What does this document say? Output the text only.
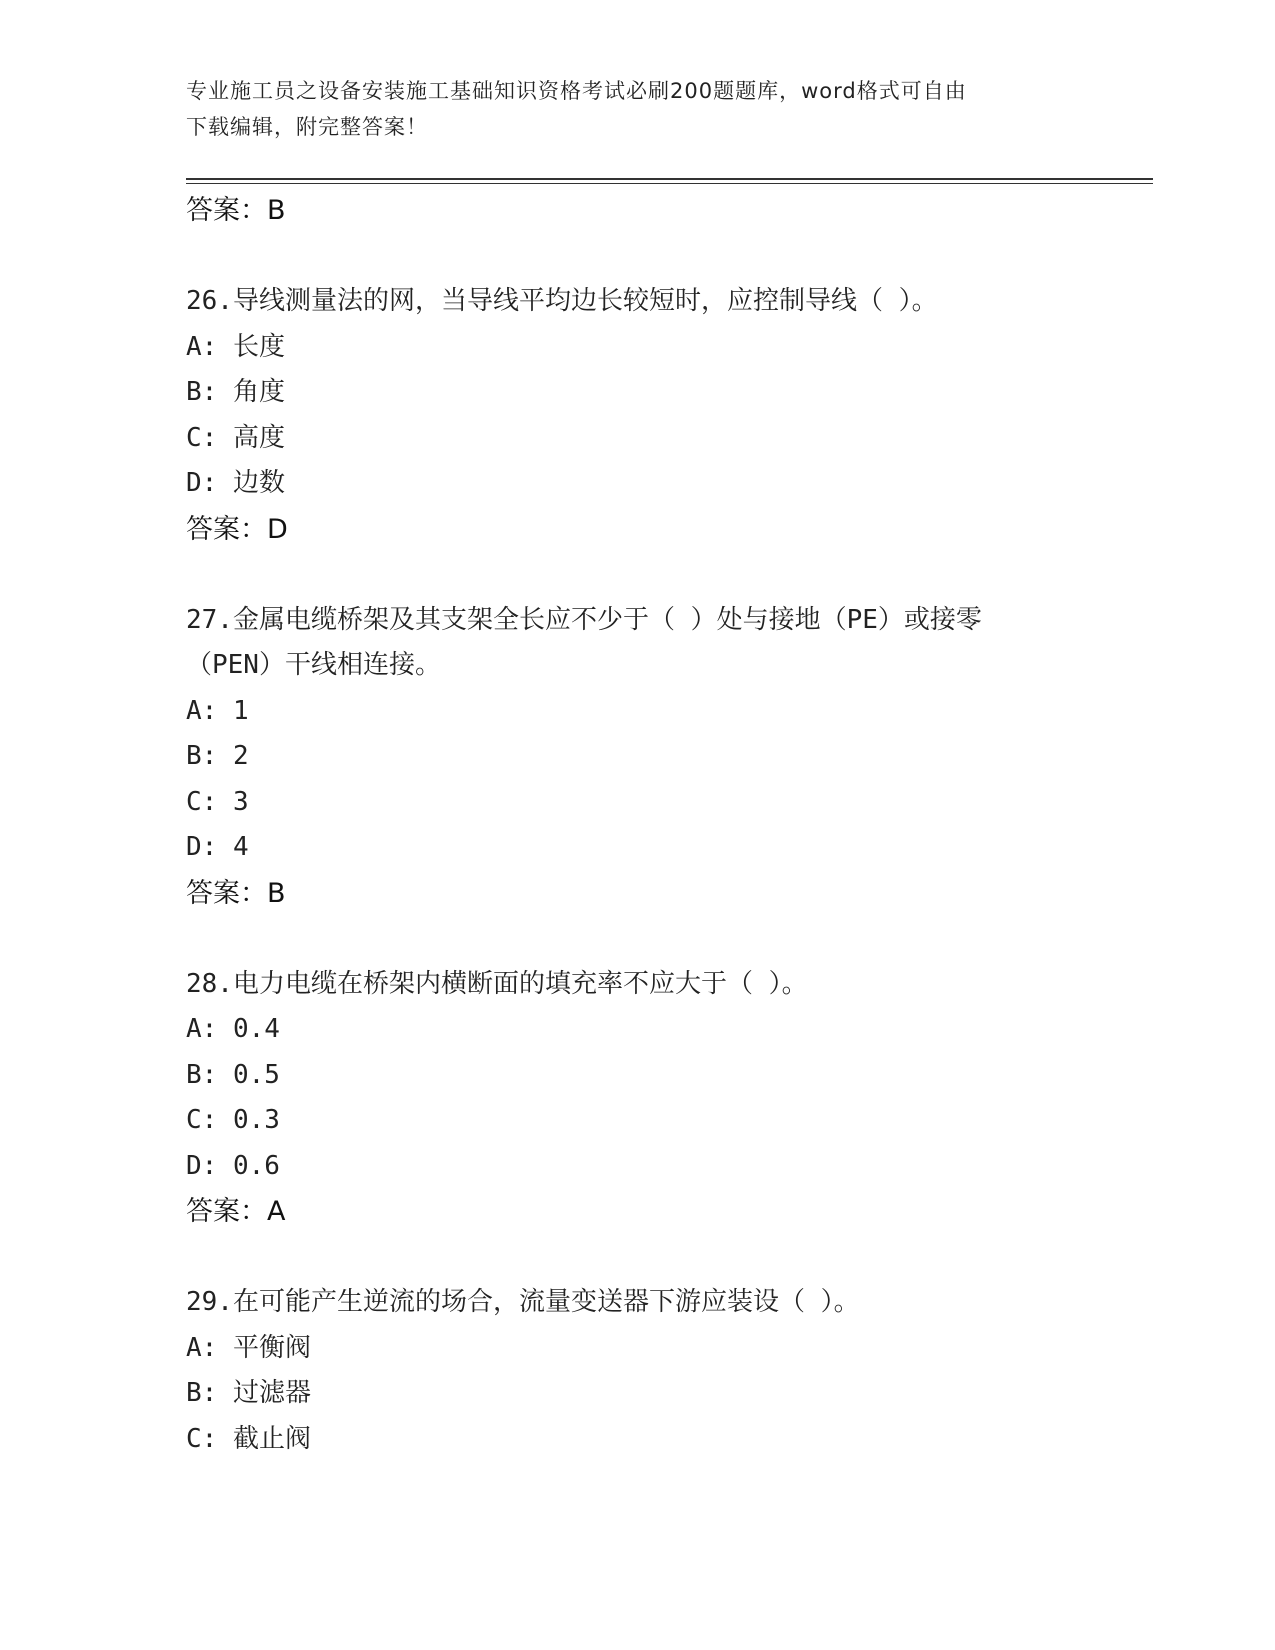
专业施工员之设备安装施工基础知识资格考试必刷200题题库，word格式可自由
下载编辑，附完整答案！
答案：B
26.导线测量法的网，当导线平均边长较短时，应控制导线（ ）。
A: 长度
B: 角度
C: 高度
D: 边数
答案：D
27.金属电缆桥架及其支架全长应不少于（ ）处与接地（PE）或接零
（PEN）干线相连接。
A: 1
B: 2
C: 3
D: 4
答案：B
28.电力电缆在桥架内横断面的填充率不应大于（ ）。
A: 0.4
B: 0.5
C: 0.3
D: 0.6
答案：A
29.在可能产生逆流的场合，流量变送器下游应装设（ ）。
A: 平衡阀
B: 过滤器
C: 截止阀
